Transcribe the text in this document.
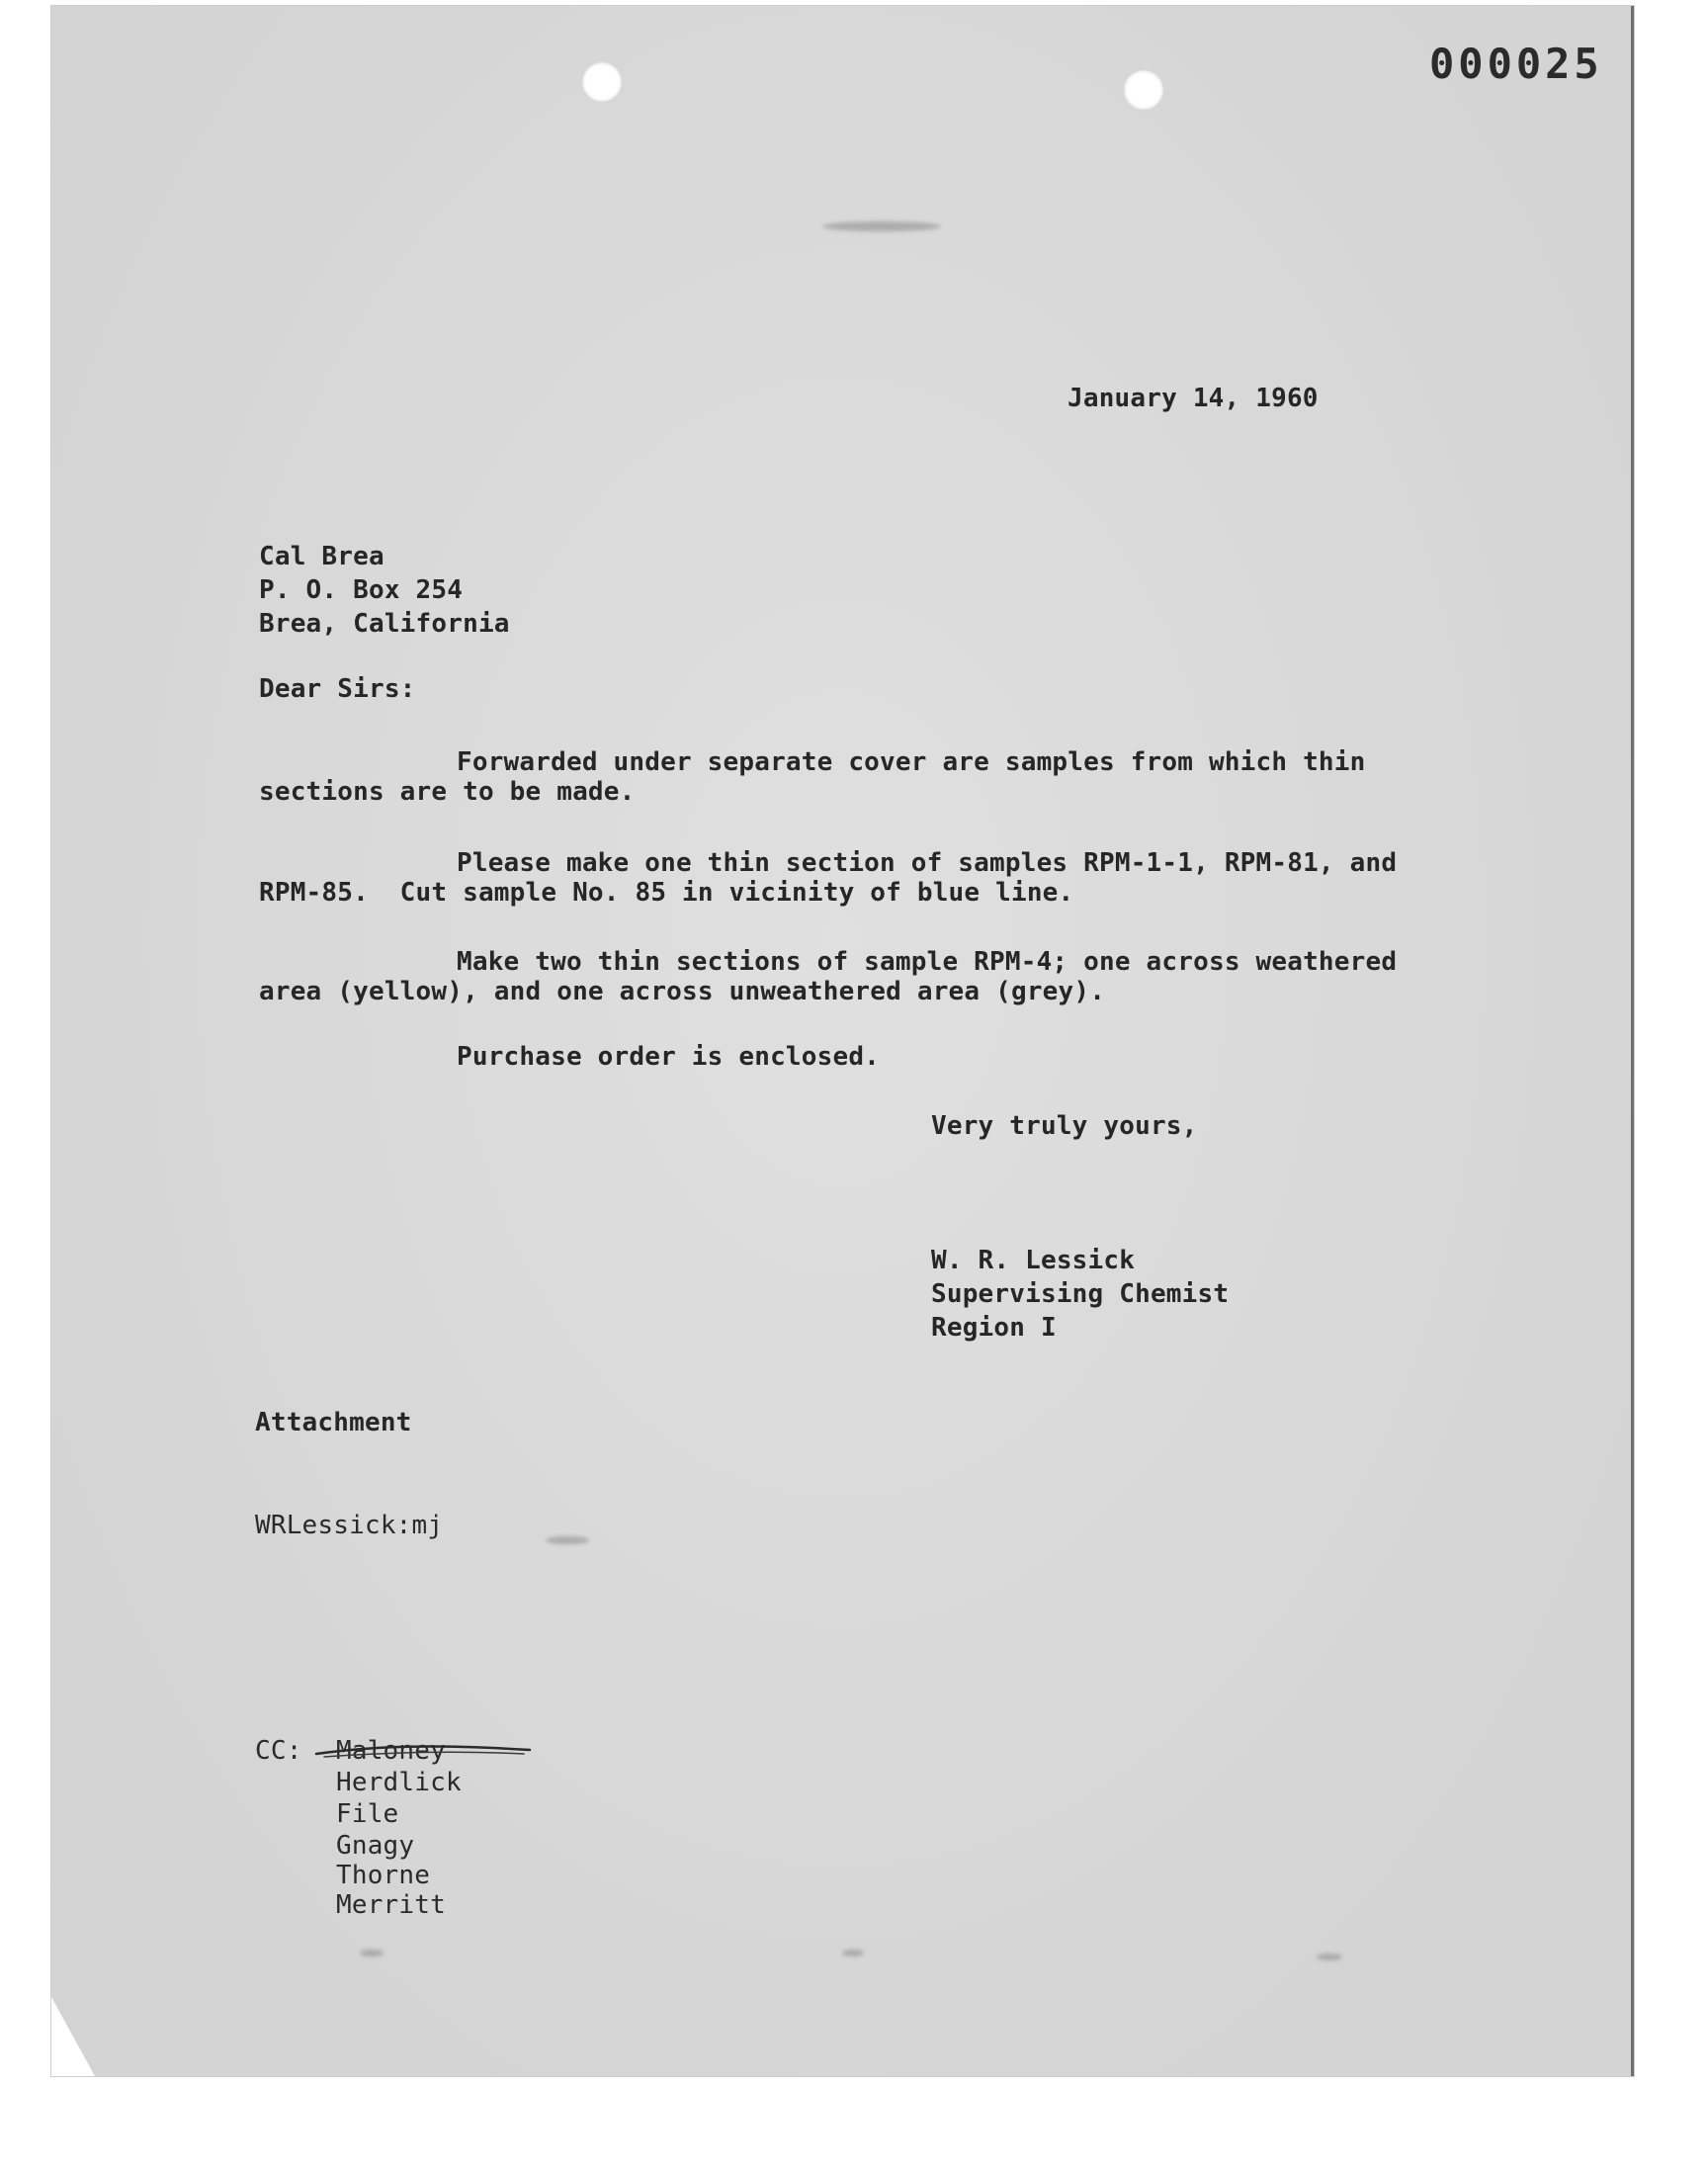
000025
January 14, 1960
Cal Brea
P. O. Box 254
Brea, California
Dear Sirs:
Forwarded under separate cover are samples from which thin
sections are to be made.
Please make one thin section of samples RPM-1-1, RPM-81, and
RPM-85.  Cut sample No. 85 in vicinity of blue line.
Make two thin sections of sample RPM-4; one across weathered
area (yellow), and one across unweathered area (grey).
Purchase order is enclosed.
Very truly yours,
W. R. Lessick
Supervising Chemist
Region I
Attachment
WRLessick:mj
CC: Maloney
Herdlick
File
Gnagy
Thorne
Merritt
